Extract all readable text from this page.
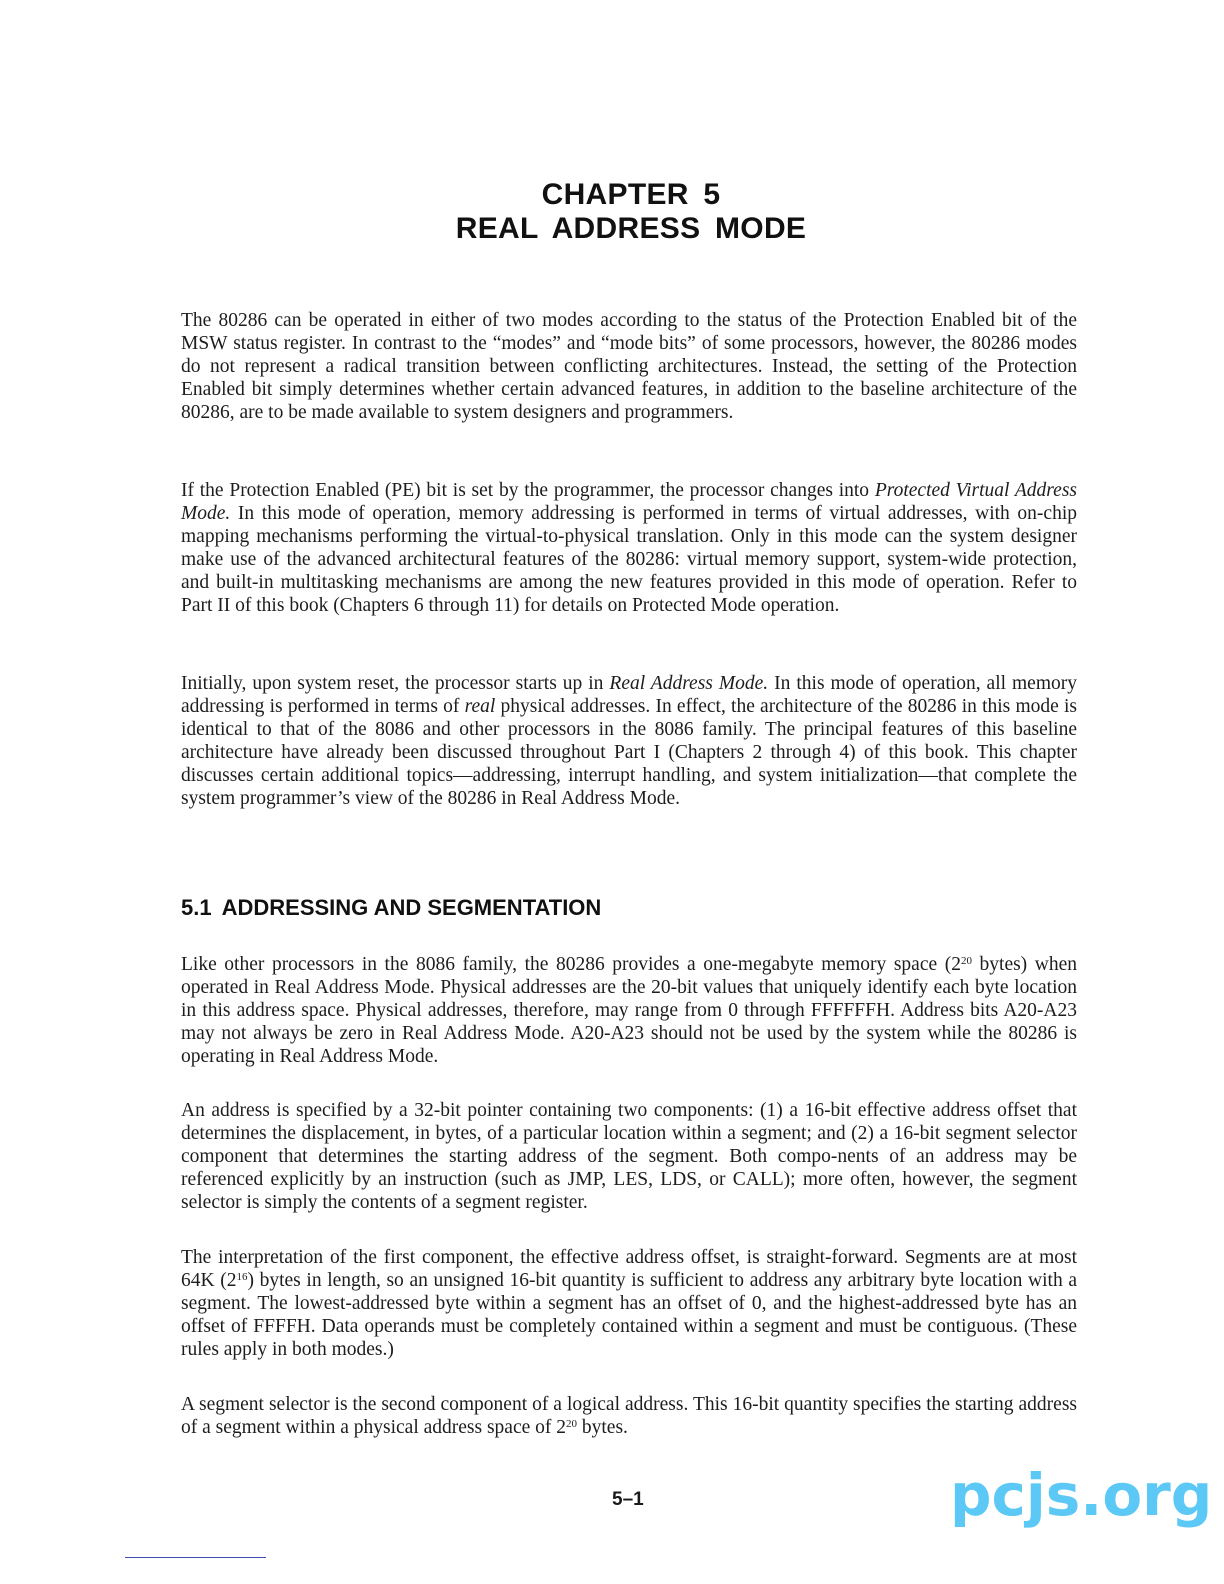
CHAPTER 5
REAL ADDRESS MODE

The 80286 can be operated in either of two modes according to the status of the Protection Enabled bit of the MSW status register. In contrast to the “modes” and “mode bits” of some processors, however, the 80286 modes do not represent a radical transition between conflicting architectures. Instead, the setting of the Protection Enabled bit simply determines whether certain advanced features, in addition to the baseline architecture of the 80286, are to be made available to system designers and programmers.

If the Protection Enabled (PE) bit is set by the programmer, the processor changes into Protected Virtual Address Mode. In this mode of operation, memory addressing is performed in terms of virtual addresses, with on-chip mapping mechanisms performing the virtual-to-physical translation. Only in this mode can the system designer make use of the advanced architectural features of the 80286: virtual memory support, system-wide protection, and built-in multitasking mechanisms are among the new features provided in this mode of operation. Refer to Part II of this book (Chapters 6 through 11) for details on Protected Mode operation.

Initially, upon system reset, the processor starts up in Real Address Mode. In this mode of operation, all memory addressing is performed in terms of real physical addresses. In effect, the architecture of the 80286 in this mode is identical to that of the 8086 and other processors in the 8086 family. The principal features of this baseline architecture have already been discussed throughout Part I (Chapters 2 through 4) of this book. This chapter discusses certain additional topics—addressing, interrupt handling, and system initialization—that complete the system programmer’s view of the 80286 in Real Address Mode.

5.1 ADDRESSING AND SEGMENTATION

Like other processors in the 8086 family, the 80286 provides a one-megabyte memory space ($2^{20}$ bytes) when operated in Real Address Mode. Physical addresses are the 20-bit values that uniquely identify each byte location in this address space. Physical addresses, therefore, may range from 0 through FFFFFFH. Address bits A20-A23 may not always be zero in Real Address Mode. A20-A23 should not be used by the system while the 80286 is operating in Real Address Mode.

An address is specified by a 32-bit pointer containing two components: (1) a 16-bit effective address offset that determines the displacement, in bytes, of a particular location within a segment; and (2) a 16-bit segment selector component that determines the starting address of the segment. Both compo-nents of an address may be referenced explicitly by an instruction (such as JMP, LES, LDS, or CALL); more often, however, the segment selector is simply the contents of a segment register.

The interpretation of the first component, the effective address offset, is straight-forward. Segments are at most 64K $(2^{16})$ bytes in length, so an unsigned 16-bit quantity is sufficient to address any arbitrary byte location with a segment. The lowest-addressed byte within a segment has an offset of 0, and the highest-addressed byte has an offset of FFFFH. Data operands must be completely contained within a segment and must be contiguous. (These rules apply in both modes.)

A segment selector is the second component of a logical address. This 16-bit quantity specifies the starting address of a segment within a physical address space of $2^{20}$ bytes.

5–1	pcjs.org
